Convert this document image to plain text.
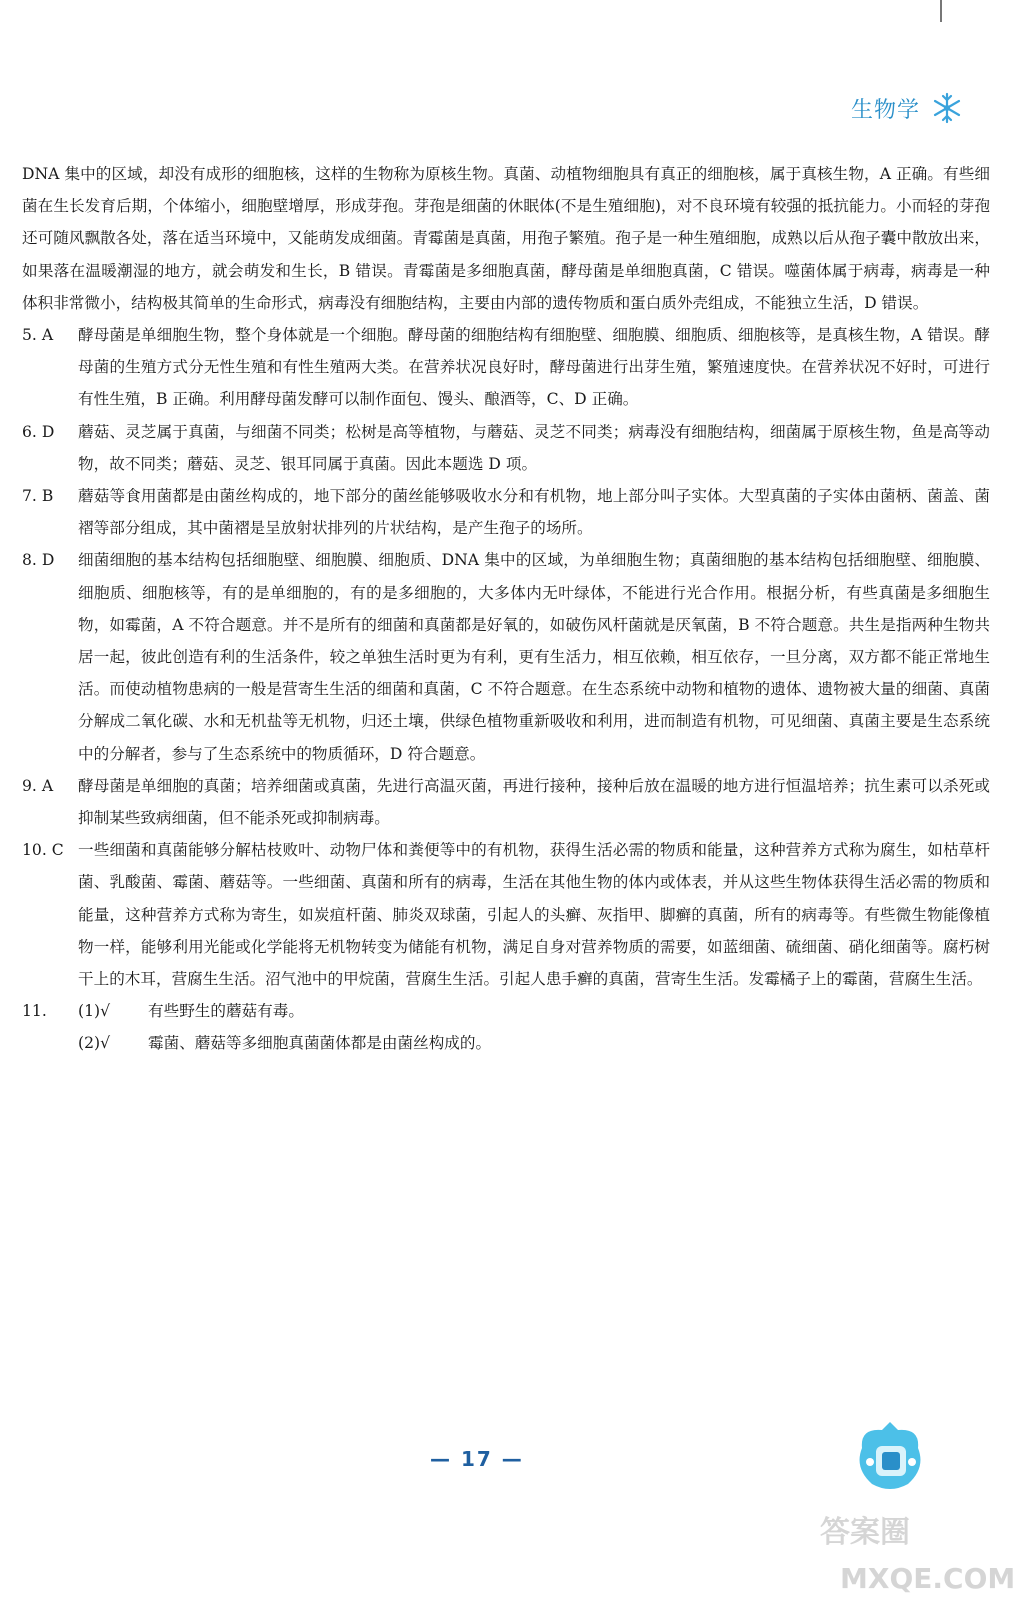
生物学

DNA 集中的区域，却没有成形的细胞核，这样的生物称为原核生物。真菌、动植物细胞具有真正的细胞核，属于真核生物，A 正确。有些细菌在生长发育后期，个体缩小，细胞壁增厚，形成芽孢。芽孢是细菌的休眠体(不是生殖细胞)，对不良环境有较强的抵抗能力。小而轻的芽孢还可随风飘散各处，落在适当环境中，又能萌发成细菌。青霉菌是真菌，用孢子繁殖。孢子是一种生殖细胞，成熟以后从孢子囊中散放出来，如果落在温暖潮湿的地方，就会萌发和生长，B 错误。青霉菌是多细胞真菌，酵母菌是单细胞真菌，C 错误。噬菌体属于病毒，病毒是一种体积非常微小，结构极其简单的生命形式，病毒没有细胞结构，主要由内部的遗传物质和蛋白质外壳组成，不能独立生活，D 错误。

5. A	酵母菌是单细胞生物，整个身体就是一个细胞。酵母菌的细胞结构有细胞壁、细胞膜、细胞质、细胞核等，是真核生物，A 错误。酵母菌的生殖方式分无性生殖和有性生殖两大类。在营养状况良好时，酵母菌进行出芽生殖，繁殖速度快。在营养状况不好时，可进行有性生殖，B 正确。利用酵母菌发酵可以制作面包、馒头、酿酒等，C、D 正确。
6. D	蘑菇、灵芝属于真菌，与细菌不同类；松树是高等植物，与蘑菇、灵芝不同类；病毒没有细胞结构，细菌属于原核生物，鱼是高等动物，故不同类；蘑菇、灵芝、银耳同属于真菌。因此本题选 D 项。
7. B	蘑菇等食用菌都是由菌丝构成的，地下部分的菌丝能够吸收水分和有机物，地上部分叫子实体。大型真菌的子实体由菌柄、菌盖、菌褶等部分组成，其中菌褶是呈放射状排列的片状结构，是产生孢子的场所。
8. D	细菌细胞的基本结构包括细胞壁、细胞膜、细胞质、DNA 集中的区域，为单细胞生物；真菌细胞的基本结构包括细胞壁、细胞膜、细胞质、细胞核等，有的是单细胞的，有的是多细胞的，大多体内无叶绿体，不能进行光合作用。根据分析，有些真菌是多细胞生物，如霉菌，A 不符合题意。并不是所有的细菌和真菌都是好氧的，如破伤风杆菌就是厌氧菌，B 不符合题意。共生是指两种生物共居一起，彼此创造有利的生活条件，较之单独生活时更为有利，更有生活力，相互依赖，相互依存，一旦分离，双方都不能正常地生活。而使动植物患病的一般是营寄生生活的细菌和真菌，C 不符合题意。在生态系统中动物和植物的遗体、遗物被大量的细菌、真菌分解成二氧化碳、水和无机盐等无机物，归还土壤，供绿色植物重新吸收和利用，进而制造有机物，可见细菌、真菌主要是生态系统中的分解者，参与了生态系统中的物质循环，D 符合题意。
9. A	酵母菌是单细胞的真菌；培养细菌或真菌，先进行高温灭菌，再进行接种，接种后放在温暖的地方进行恒温培养；抗生素可以杀死或抑制某些致病细菌，但不能杀死或抑制病毒。
10. C 一些细菌和真菌能够分解枯枝败叶、动物尸体和粪便等中的有机物，获得生活必需的物质和能量，这种营养方式称为腐生，如枯草杆菌、乳酸菌、霉菌、蘑菇等。一些细菌、真菌和所有的病毒，生活在其他生物的体内或体表，并从这些生物体获得生活必需的物质和能量，这种营养方式称为寄生，如炭疽杆菌、肺炎双球菌，引起人的头癣、灰指甲、脚癣的真菌，所有的病毒等。有些微生物能像植物一样，能够利用光能或化学能将无机物转变为储能有机物，满足自身对营养物质的需要，如蓝细菌、硫细菌、硝化细菌等。腐朽树干上的木耳，营腐生生活。沼气池中的甲烷菌，营腐生生活。引起人患手癣的真菌，营寄生生活。发霉橘子上的霉菌，营腐生生活。
11.	(1)√	有些野生的蘑菇有毒。
(2)√	霉菌、蘑菇等多细胞真菌菌体都是由菌丝构成的。
— 17 —
答案圈
MXQE.COM
